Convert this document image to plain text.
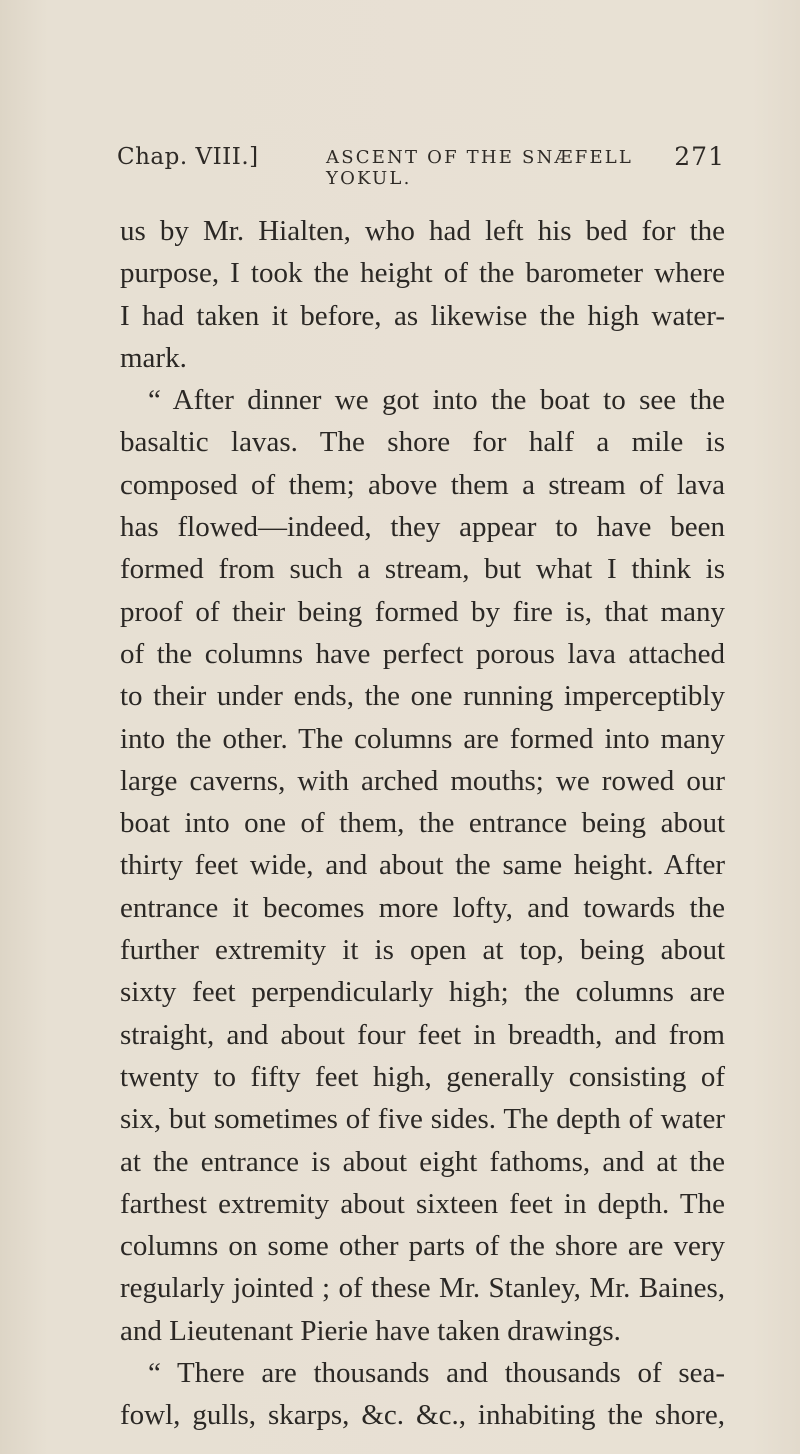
Chap. VIII.]	ASCENT OF THE SNÆFELL YOKUL.
271
us by Mr. Hialten, who had left his bed for the
purpose, I took the height of the barometer where
I had taken it before, as likewise the high water-
mark.
“ After dinner we got into the boat to see the
basaltic lavas. The shore for half a mile is
composed of them; above them a stream of lava
has flowed—indeed, they appear to have been
formed from such a stream, but what I think is
proof of their being formed by fire is, that many
of the columns have perfect porous lava attached
to their under ends, the one running imperceptibly
into the other. The columns are formed into many
large caverns, with arched mouths; we rowed our
boat into one of them, the entrance being about
thirty feet wide, and about the same height. After
entrance it becomes more lofty, and towards the
further extremity it is open at top, being about
sixty feet perpendicularly high; the columns are
straight, and about four feet in breadth, and from
twenty to fifty feet high, generally consisting of
six, but sometimes of five sides. The depth of water
at the entrance is about eight fathoms, and at the
farthest extremity about sixteen feet in depth. The
columns on some other parts of the shore are very
regularly jointed ; of these Mr. Stanley, Mr. Baines,
and Lieutenant Pierie have taken drawings.
“ There are thousands and thousands of sea-
fowl, gulls, skarps, &c. &c., inhabiting the shore,
